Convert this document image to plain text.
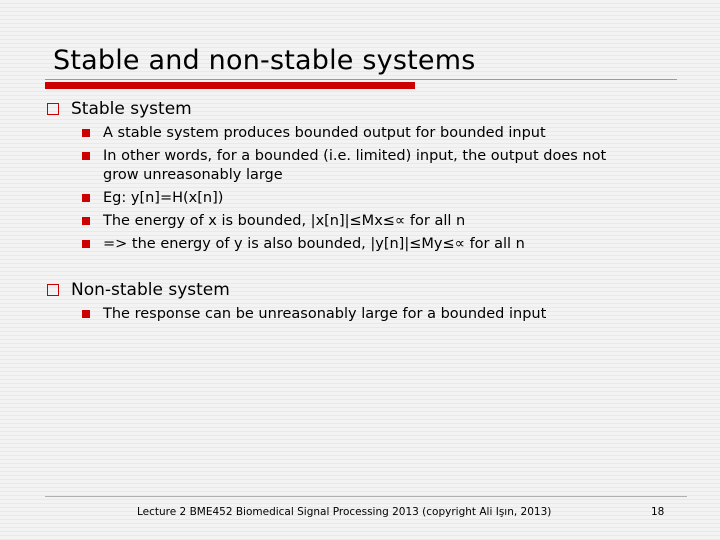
Stable and non-stable systems
Stable system
A stable system produces bounded output for bounded input
In other words, for a bounded (i.e. limited) input, the output does not
grow unreasonably large
Eg: y[n]=H(x[n])
The energy of x is bounded, |x[n]|≤Mx≤∝ for all n
=> the energy of y is also bounded, |y[n]|≤My≤∝ for all n
Non-stable system
The response can be unreasonably large for a bounded input
Lecture 2 BME452 Biomedical Signal Processing 2013 (copyright Ali Işın, 2013)	18
